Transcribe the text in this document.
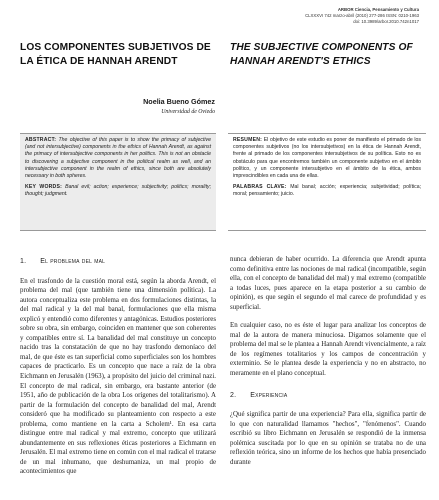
ARBOR Ciencia, Pensamiento y Cultura
CLXXXVI 742 marzo-abril (2010) 277-286 ISSN: 0210-1963
doi: 10.3989/arbor.2010.742n1017
LOS COMPONENTES SUBJETIVOS DE LA ÉTICA DE HANNAH ARENDT
THE SUBJECTIVE COMPONENTS OF HANNAH ARENDT'S ETHICS
Noelia Bueno Gómez
Universidad de Oviedo

ABSTRACT: The objective of this paper is to show the primacy of subjective (and not intersubjective) components in the ethics of Hannah Arendt, as against the primacy of intersubjective components in her politics. This is not an obstacle to discovering a subjective component in the political realm as well, and an intersubjective component in the realm of ethics, since both are absolutely necessary in both spheres.

KEY WORDS: Banal evil; action; experience; subjectivity; politics; morality; thought; judgment.

RESUMEN: El objetivo de este estudio es poner de manifiesto el primado de los componentes subjetivos (no los intersubjetivos) en la ética de Hannah Arendt, frente al primado de los componentes intersubjetivos de su política. Esto no es obstáculo para que encontremos también un componente subjetivo en el ámbito político, y un componente intersubjetivo en el ámbito de la ética, ambos imprescindibles en cada una de ellas.

PALABRAS CLAVE: Mal banal; acción; experiencia; subjetividad; política; moral; pensamiento; juicio.

1. El problema del mal

En el trasfondo de la cuestión moral está, según la aborda Arendt, el problema del mal (que también tiene una dimensión política). La autora conceptualiza este problema en dos formulaciones distintas, la del mal radical y la del mal banal, formulaciones que ella misma explicó y entendió como diferentes y antagónicas. Estudios posteriores sobre su obra, sin embargo, coinciden en mantener que son coherentes y compatibles entre sí. La banalidad del mal constituye un concepto nacido tras la constatación de que no hay trasfondo demoníaco del mal, de que éste es tan superficial como superficiales son los hombres capaces de practicarlo. Es un concepto que nace a raíz de la obra Eichmann en Jerusalén (1963), a propósito del juicio del criminal nazi. El concepto de mal radical, sin embargo, era bastante anterior (de 1951, año de publicación de la obra Los orígenes del totalitarismo). A partir de la formulación del concepto de banalidad del mal, Arendt consideró que ha modificado su planteamiento con respecto a este problema, como mantiene en la carta a Scholem¹. En esa carta distingue entre mal radical y mal extremo, concepto que utilizará abundantemente en sus reflexiones éticas posteriores a Eichmann en Jerusalén. El mal extremo tiene en común con el mal radical el tratarse de un mal inhumano, que deshumaniza, un mal propio de acontecimientos que

nunca debieran de haber ocurrido. La diferencia que Arendt apunta como definitiva entre las nociones de mal radical (incompatible, según ella, con el concepto de banalidad del mal) y mal extremo (compatible a todas luces, pues aparece en la etapa posterior a su cambio de opinión), es que según el segundo el mal carece de profundidad y es superficial.

En cualquier caso, no es éste el lugar para analizar los conceptos de mal de la autora de manera minuciosa. Digamos solamente que el problema del mal se le plantea a Hannah Arendt vivencialmente, a raíz de los regímenes totalitarios y los campos de concentración y exterminio. Se le plantea desde la experiencia y no en abstracto, no meramente en el plano conceptual.

2. Experiencia

¿Qué significa partir de una experiencia? Para ella, significa partir de lo que con naturalidad llamamos "hechos", "fenómenos". Cuando escribió su libro Eichmann en Jerusalén se respondió de la inmensa polémica suscitada por lo que en su opinión se trataba no de una reflexión teórica, sino un informe de los hechos que había presenciado durante
